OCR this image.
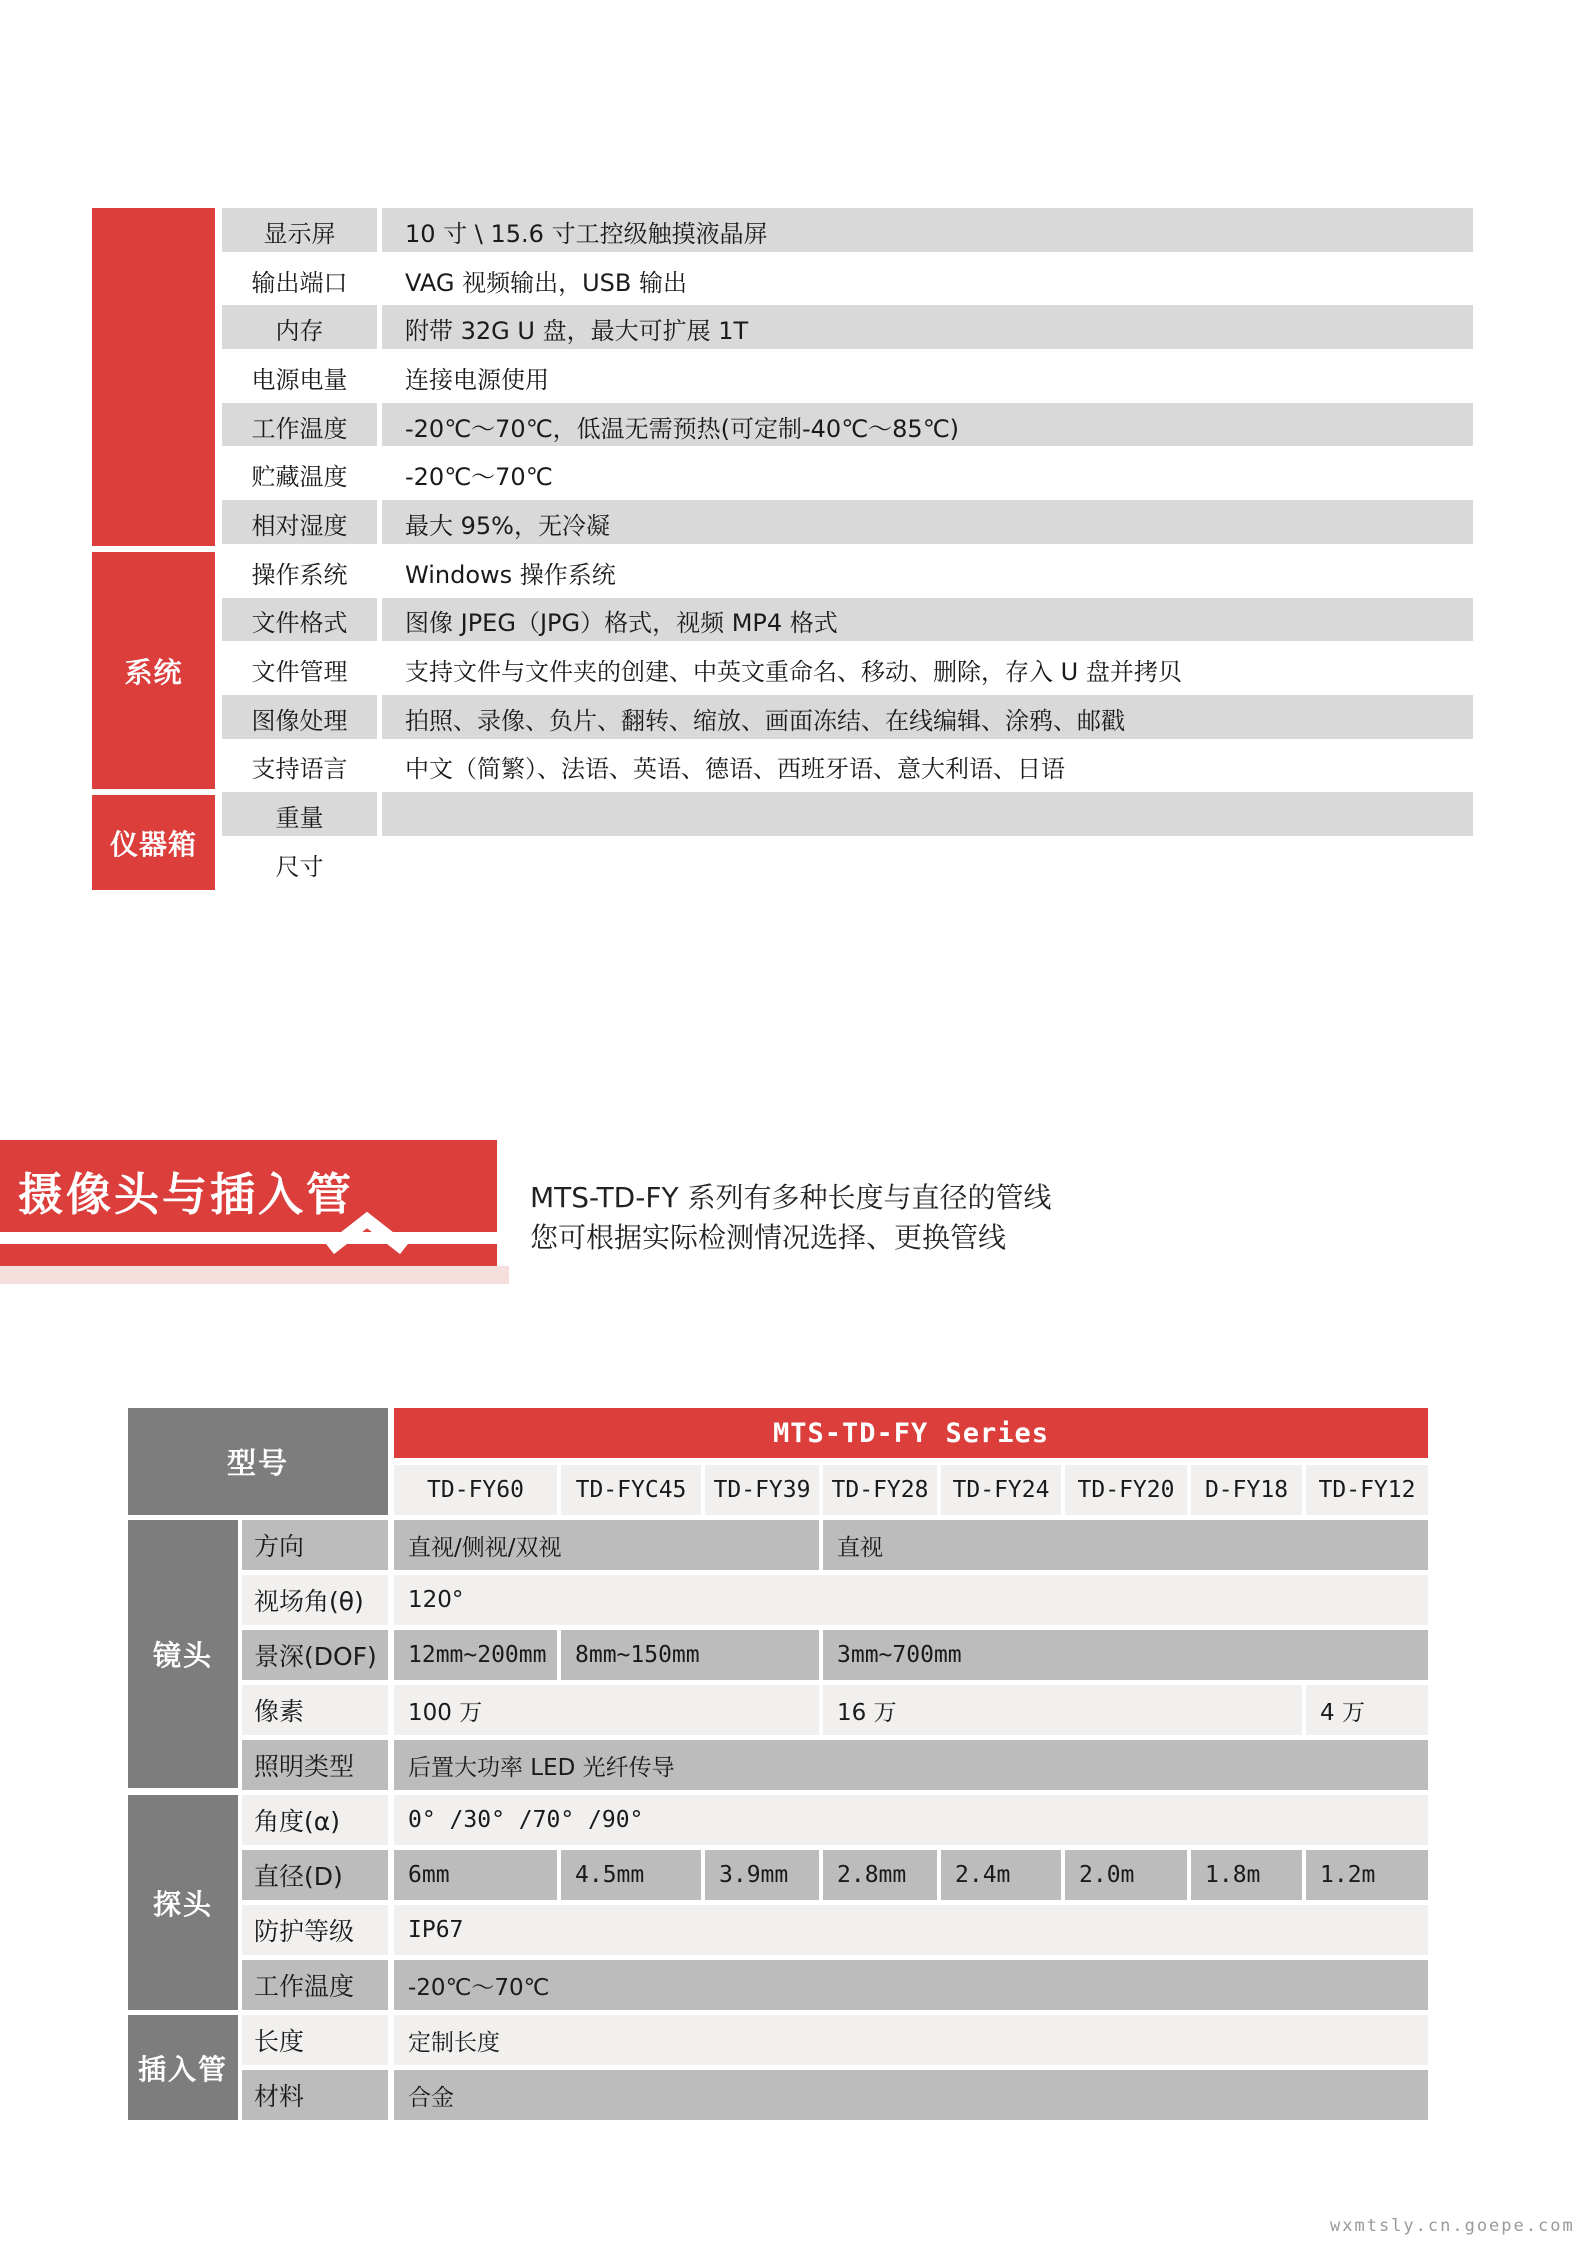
系统
仪器箱
显示屏	10 寸 \ 15.6 寸工控级触摸液晶屏
输出端口	VAG 视频输出，USB 输出
内存	附带 32G U 盘，最大可扩展 1T
电源电量	连接电源使用
工作温度	-20℃～70℃，低温无需预热(可定制-40℃～85℃)
贮藏温度	-20℃～70℃
相对湿度	最大 95%，无冷凝
操作系统	Windows 操作系统
文件格式	图像 JPEG（JPG）格式，视频 MP4 格式
文件管理	支持文件与文件夹的创建、中英文重命名、移动、删除，存入 U 盘并拷贝
图像处理	拍照、录像、负片、翻转、缩放、画面冻结、在线编辑、涂鸦、邮戳
支持语言	中文（简繁）、法语、英语、德语、西班牙语、意大利语、日语
重量
尺寸
摄像头与插入管	MTS-TD-FY 系列有多种长度与直径的管线
您可根据实际检测情况选择、更换管线
型号
MTS-TD-FY Series
TD-FY60	TD-FYC45	TD-FY39 TD-FY28	TD-FY24	TD-FY20	D-FY18	TD-FY12
镜头
探头
插入管
方向	直视/侧视/双视	直视
视场角(θ)	120°
景深(DOF)	12mm~200mm	8mm~150mm	3mm~700mm
像素	100 万	16 万	4 万
照明类型	后置大功率 LED 光纤传导
角度(α)	0° /30° /70° /90°
直径(D)	6mm	4.5mm	3.9mm	2.8mm	2.4m	2.0m	1.8m	1.2m
防护等级	IP67
工作温度	-20℃～70℃
长度	定制长度
材料	合金
wxmtsly.cn.goepe.com
